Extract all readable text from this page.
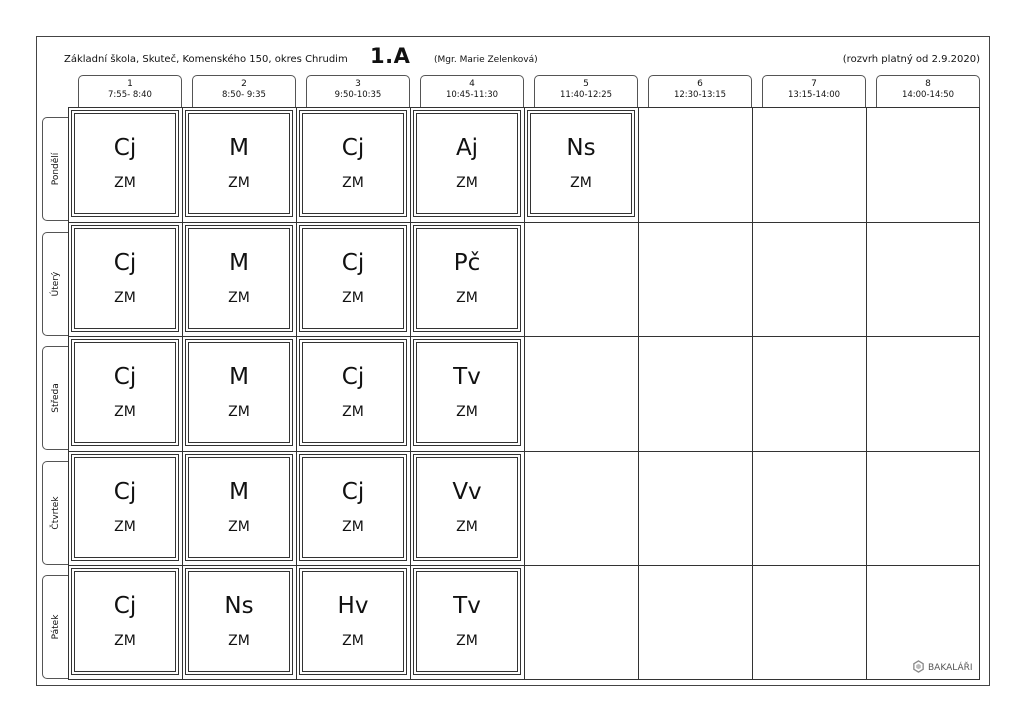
Základní škola, Skuteč, Komenského 150, okres Chrudim 1.A	(Mgr. Marie Zelenková)	(rozvrh platný od 2.9.2020)
1
7:55- 8:40
2
8:50- 9:35
3
9:50-10:35
4
10:45-11:30
5
11:40-12:25
6
12:30-13:15
7
13:15-14:00
8
14:00-14:50
Pondělí
Úterý
Středa
Čtvrtek
Pátek
Cj
ZM
M
ZM
Cj
ZM
Aj
ZM
Ns
ZM
Cj
ZM
M
ZM
Cj
ZM
Pč
ZM
Cj
ZM
M
ZM
Cj
ZM
Tv
ZM
Cj
ZM
M
ZM
Cj
ZM
Vv
ZM
Cj
ZM
Ns
ZM
Hv
ZM
Tv
ZM
BAKALÁŘI
